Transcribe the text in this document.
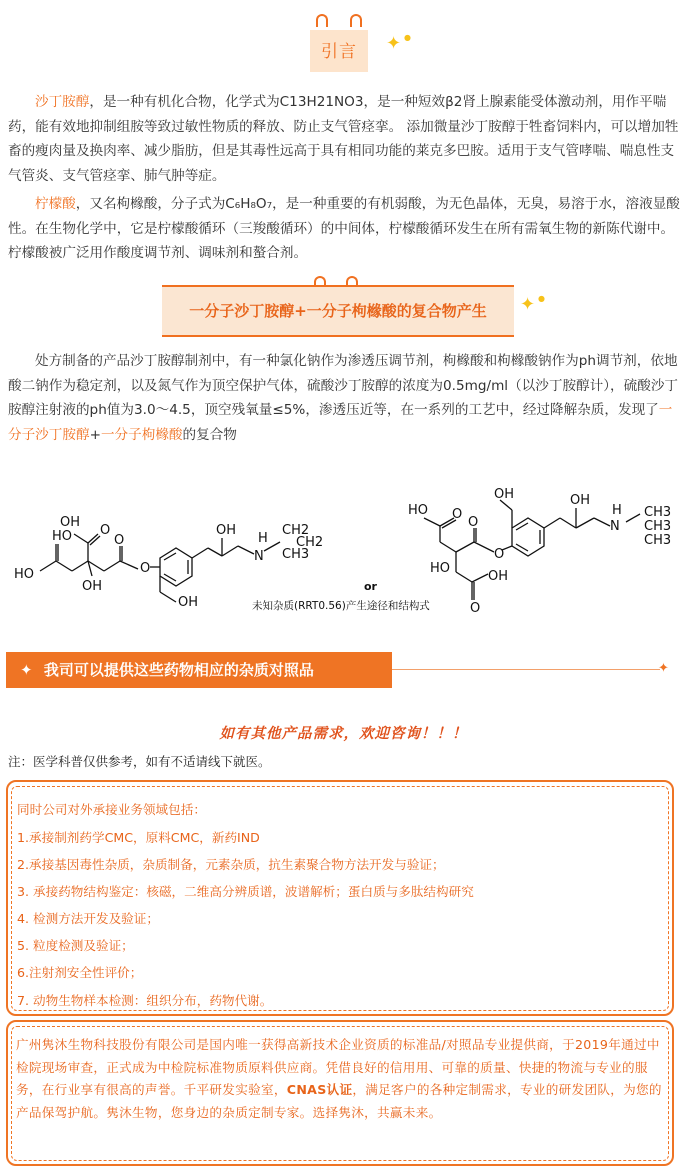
引言	✦ ●

沙丁胺醇，是一种有机化合物，化学式为C13H21NO3，是一种短效β2肾上腺素能受体激动剂，用作平喘药，能有效地抑制组胺等致过敏性物质的释放、防止支气管痉挛。 添加微量沙丁胺醇于牲畜饲料内，可以增加牲畜的瘦肉量及换肉率、减少脂肪，但是其毒性远高于具有相同功能的莱克多巴胺。适用于支气管哮喘、喘息性支气管炎、支气管痉挛、肺气肿等症。

柠檬酸，又名枸橼酸，分子式为C₆H₈O₇，是一种重要的有机弱酸，为无色晶体，无臭，易溶于水，溶液显酸性。在生物化学中，它是柠檬酸循环（三羧酸循环）的中间体，柠檬酸循环发生在所有需氧生物的新陈代谢中。柠檬酸被广泛用作酸度调节剂、调味剂和螯合剂。

一分子沙丁胺醇+一分子枸橼酸的复合物产生	✦ ●

处方制备的产品沙丁胺醇制剂中，有一种氯化钠作为渗透压调节剂，枸橼酸和枸橼酸钠作为ph调节剂，依地酸二钠作为稳定剂，以及氮气作为顶空保护气体，硫酸沙丁胺醇的浓度为0.5mg/ml（以沙丁胺醇计），硫酸沙丁胺醇注射液的ph值为3.0～4.5，顶空残氧量≤5%，渗透压近等，在一系列的工艺中，经过降解杂质，发现了一分子沙丁胺醇+一分子枸橼酸的复合物

OH
HO O
HO
OH
O
O
OH
N
H
CH2
CH2
CH3
OH
HO O
O
O
HO
OH
O
OH	OH
N
H CH3
CH3
CH3
or
未知杂质(RRT0.56)产生途径和结构式
✦ 我司可以提供这些药物相应的杂质对照品	✦
如有其他产品需求，欢迎咨询！！！
注：医学科普仅供参考，如有不适请线下就医。
同时公司对外承接业务领域包括：
1.承接制剂药学CMC，原料CMC，新药IND
2.承接基因毒性杂质，杂质制备，元素杂质，抗生素聚合物方法开发与验证；
3. 承接药物结构鉴定：核磁，二维高分辨质谱，波谱解析；蛋白质与多肽结构研究
4. 检测方法开发及验证；
5. 粒度检测及验证；
6.注射剂安全性评价；
7. 动物生物样本检测：组织分布，药物代谢。

广州隽沐生物科技股份有限公司是国内唯一获得高新技术企业资质的标准品/对照品专业提供商，于2019年通过中检院现场审查，正式成为中检院标准物质原料供应商。凭借良好的信用用、可靠的质量、快捷的物流与专业的服务，在行业享有很高的声誉。千平研发实验室，CNAS认证，满足客户的各种定制需求，专业的研发团队，为您的产品保驾护航。隽沐生物，您身边的杂质定制专家。选择隽沐，共赢未来。
